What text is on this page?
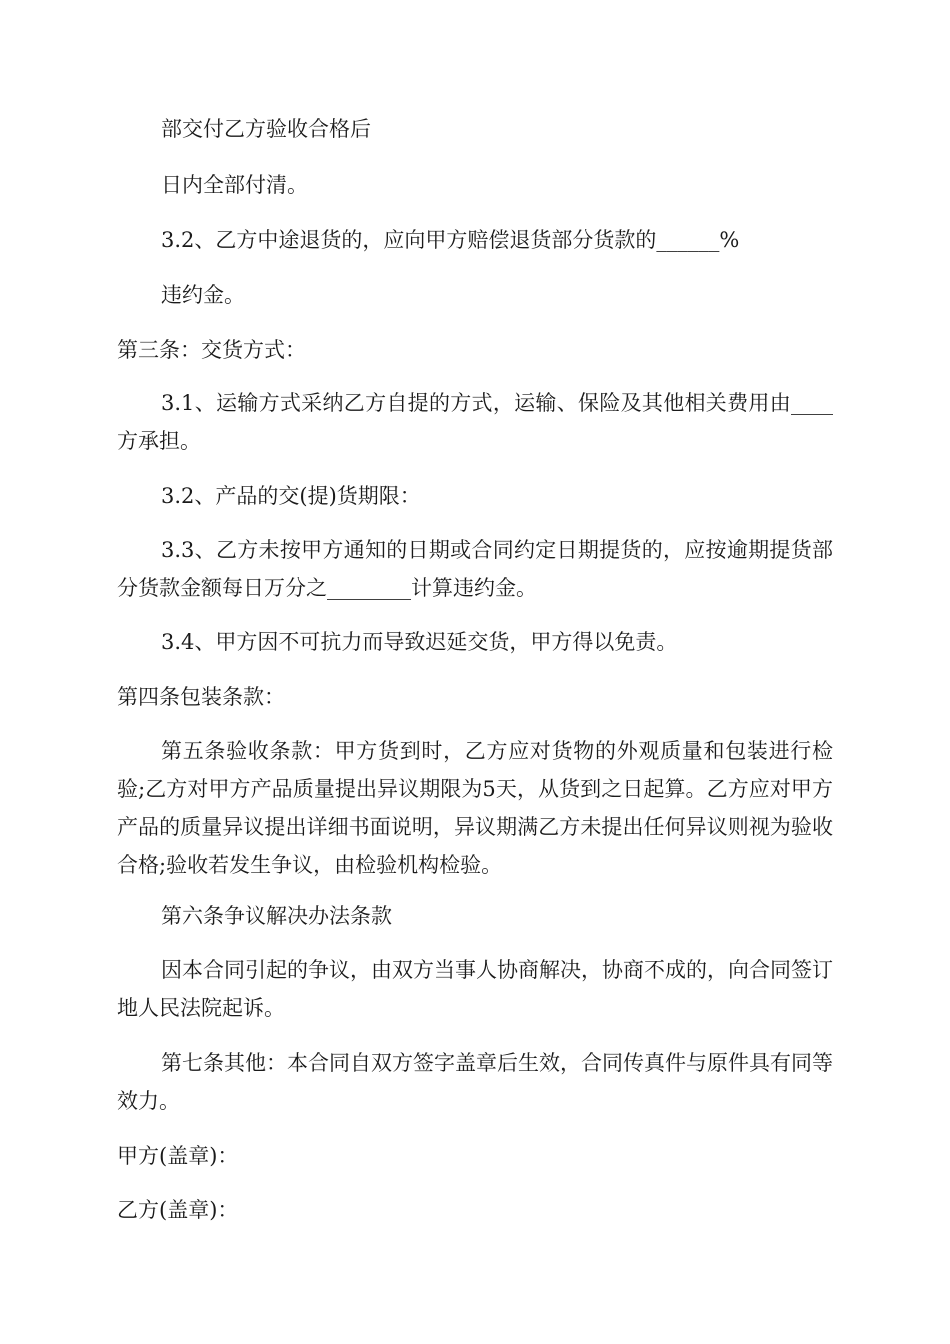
部交付乙方验收合格后

日内全部付清。

3.2、乙方中途退货的，应向甲方赔偿退货部分货款的______%

违约金。

第三条：交货方式：

3.1、运输方式采纳乙方自提的方式，运输、保险及其他相关费用由____方承担。

3.2、产品的交(提)货期限：

3.3、乙方未按甲方通知的日期或合同约定日期提货的，应按逾期提货部分货款金额每日万分之________计算违约金。

3.4、甲方因不可抗力而导致迟延交货，甲方得以免责。

第四条包装条款：

第五条验收条款：甲方货到时，乙方应对货物的外观质量和包装进行检验;乙方对甲方产品质量提出异议期限为5天，从货到之日起算。乙方应对甲方产品的质量异议提出详细书面说明，异议期满乙方未提出任何异议则视为验收合格;验收若发生争议，由检验机构检验。

第六条争议解决办法条款

因本合同引起的争议，由双方当事人协商解决，协商不成的，向合同签订地人民法院起诉。

第七条其他：本合同自双方签字盖章后生效，合同传真件与原件具有同等效力。

甲方(盖章)：

乙方(盖章)：
